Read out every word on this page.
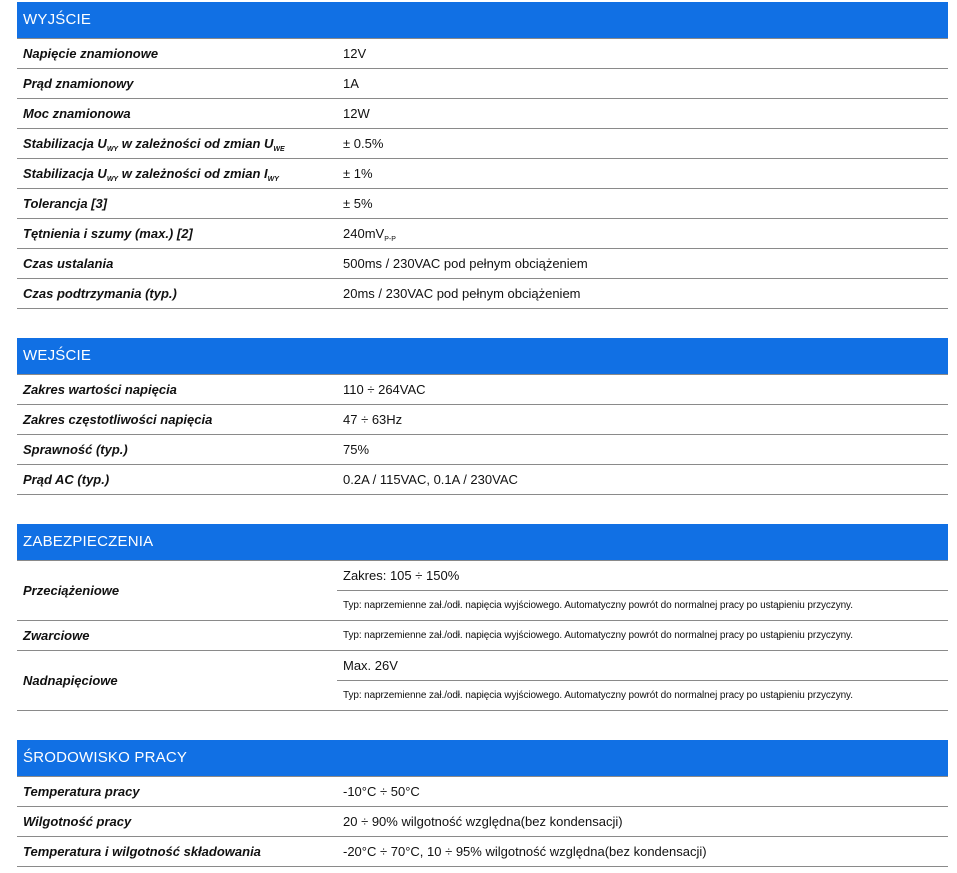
WYJŚCIE
Napięcie znamionowe	12V
Prąd znamionowy	1A
Moc znamionowa	12W
Stabilizacja $U_{WY}$ w zależności od zmian $U_{WE}$	± 0.5%
Stabilizacja $U_{WY}$ w zależności od zmian $I_{WY}$	± 1%
Tolerancja [3]	± 5%
Tętnienia i szumy (max.) [2]	$240mV_{P-P}$
Czas ustalania	500ms / 230VAC pod pełnym obciążeniem
Czas podtrzymania (typ.)	20ms / 230VAC pod pełnym obciążeniem
WEJŚCIE
Zakres wartości napięcia	110 ÷ 264VAC
Zakres częstotliwości napięcia	47 ÷ 63Hz
Sprawność (typ.)	75%
Prąd AC (typ.)	0.2A / 115VAC, 0.1A / 230VAC
ZABEZPIECZENIA
Przeciążeniowe	Zakres: 105 ÷ 150%
	Typ: naprzemienne zał./odł. napięcia wyjściowego. Automatyczny powrót do normalnej pracy po ustąpieniu przyczyny.
Zwarciowe	Typ: naprzemienne zał./odł. napięcia wyjściowego. Automatyczny powrót do normalnej pracy po ustąpieniu przyczyny.
Nadnapięciowe	Max. 26V
	Typ: naprzemienne zał./odł. napięcia wyjściowego. Automatyczny powrót do normalnej pracy po ustąpieniu przyczyny.
ŚRODOWISKO PRACY
Temperatura pracy	-10°C ÷ 50°C
Wilgotność pracy	20 ÷ 90% wilgotność względna(bez kondensacji)
Temperatura i wilgotność składowania	-20°C ÷ 70°C, 10 ÷ 95% wilgotność względna(bez kondensacji)
